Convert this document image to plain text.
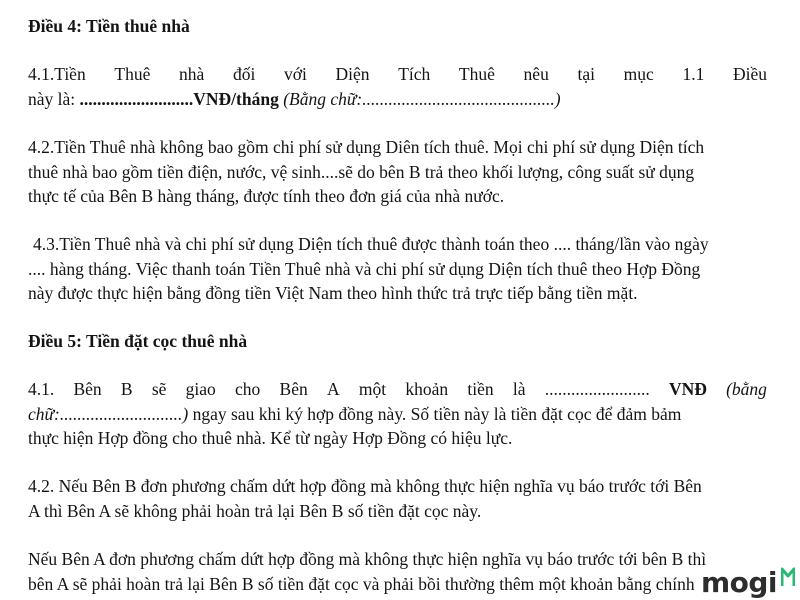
Điều 4: Tiền thuê nhà
4.1.Tiền Thuê nhà đối với Diện Tích Thuê nêu tại mục 1.1 Điều
này là: ..........................VNĐ/tháng (Bằng chữ:............................................)
4.2.Tiền Thuê nhà không bao gồm chi phí sử dụng Diên tích thuê. Mọi chi phí sử dụng Diện tích
thuê nhà bao gồm tiền điện, nước, vệ sinh....sẽ do bên B trả theo khối lượng, công suất sử dụng
thực tế của Bên B hàng tháng, được tính theo đơn giá của nhà nước.
4.3.Tiền Thuê nhà và chi phí sử dụng Diện tích thuê được thành toán theo .... tháng/lần vào ngày
.... hàng tháng. Việc thanh toán Tiền Thuê nhà và chi phí sử dụng Diện tích thuê theo Hợp Đồng
này được thực hiện bằng đồng tiền Việt Nam theo hình thức trả trực tiếp bằng tiền mặt.
Điều 5: Tiền đặt cọc thuê nhà
4.1. Bên B sẽ giao cho Bên A một khoản tiền là ........................ VNĐ (bằng
chữ:............................) ngay sau khi ký hợp đồng này. Số tiền này là tiền đặt cọc để đảm bảm
thực hiện Hợp đồng cho thuê nhà. Kể từ ngày Hợp Đồng có hiệu lực.
4.2. Nếu Bên B đơn phương chấm dứt hợp đồng mà không thực hiện nghĩa vụ báo trước tới Bên
A thì Bên A sẽ không phải hoàn trả lại Bên B số tiền đặt cọc này.
Nếu Bên A đơn phương chấm dứt hợp đồng mà không thực hiện nghĩa vụ báo trước tới bên B thì
bên A sẽ phải hoàn trả lại Bên B số tiền đặt cọc và phải bồi thường thêm một khoản bằng chính mogi
